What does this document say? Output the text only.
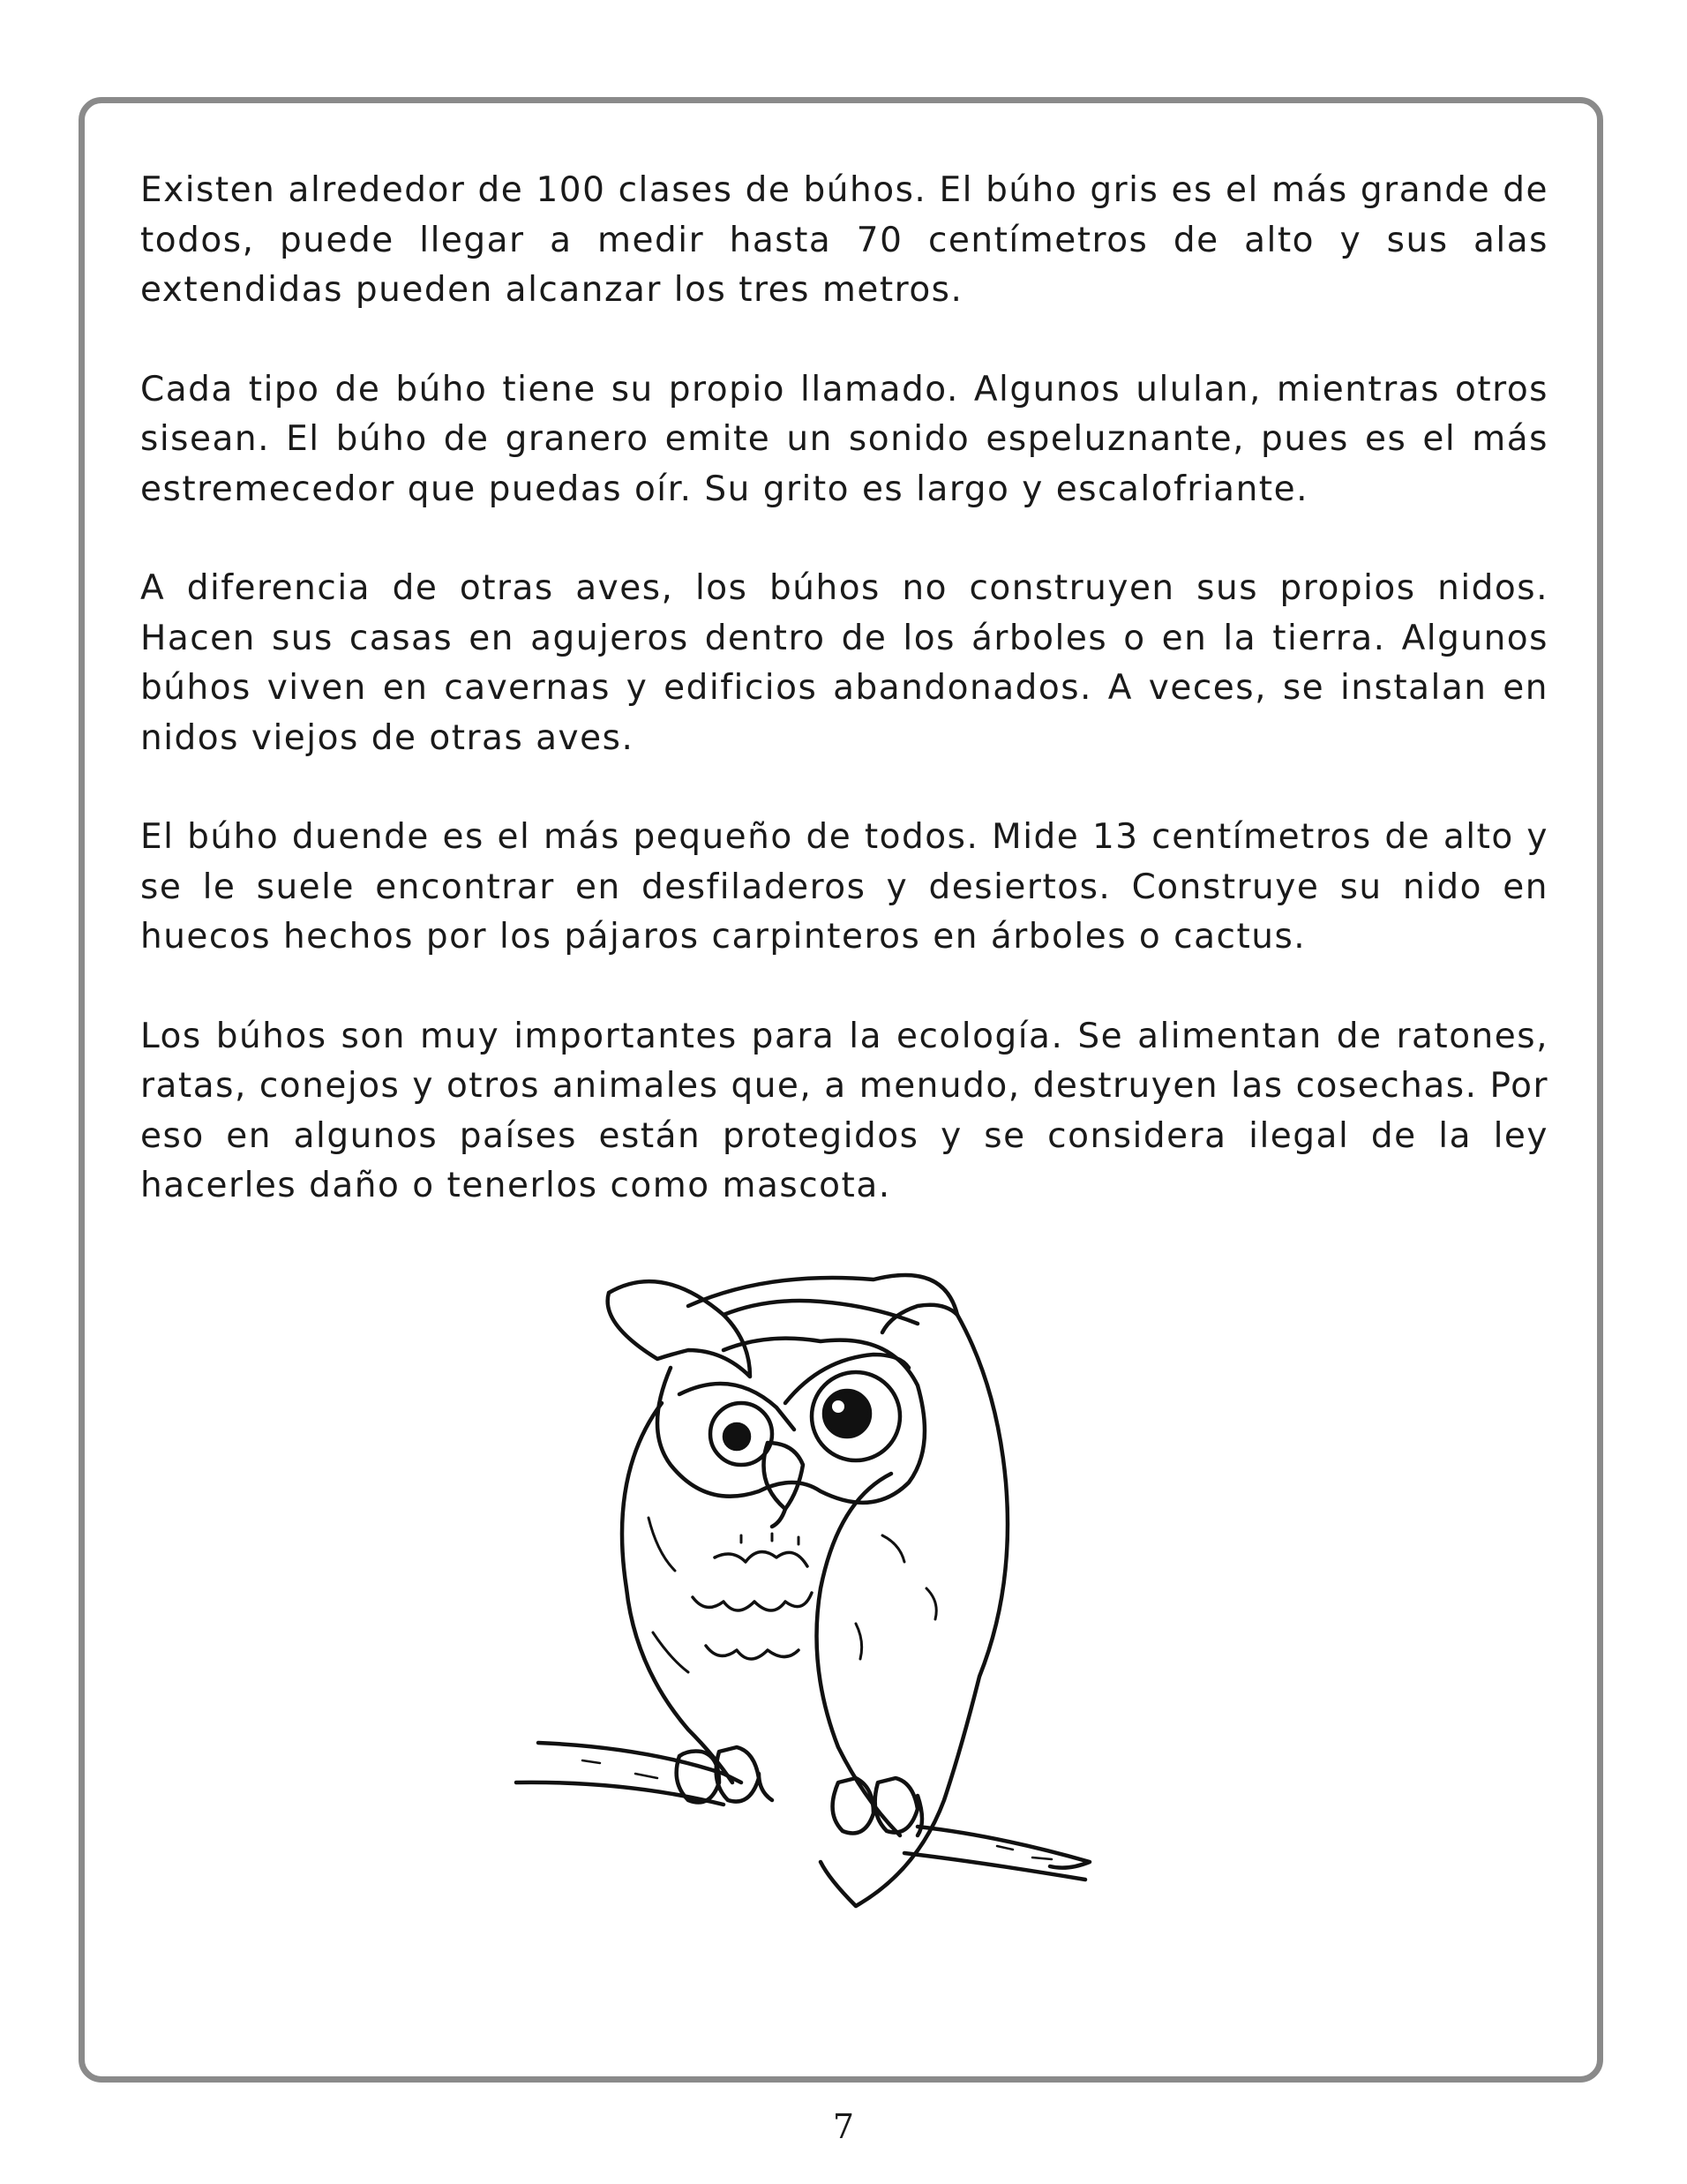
Existen alrededor de 100 clases de búhos. El búho gris es el más grande de todos, puede llegar a medir hasta 70 centímetros de alto y sus alas extendidas pueden alcanzar los tres metros.

Cada tipo de búho tiene su propio llamado. Algunos ululan, mientras otros sisean. El búho de granero emite un sonido espeluznante, pues es el más estremecedor que puedas oír. Su grito es largo y escalofriante.

A diferencia de otras aves, los búhos no construyen sus propios nidos. Hacen sus casas en agujeros dentro de los árboles o en la tierra. Algunos búhos viven en cavernas y edificios abandonados. A veces, se instalan en nidos viejos de otras aves.

El búho duende es el más pequeño de todos. Mide 13 centímetros de alto y se le suele encontrar en desfiladeros y desiertos. Construye su nido en huecos hechos por los pájaros carpinteros en árboles o cactus.

Los búhos son muy importantes para la ecología. Se alimentan de ratones, ratas, conejos y otros animales que, a menudo, destruyen las cosechas. Por eso en algunos países están protegidos y se considera ilegal de la ley hacerles daño o tenerlos como mascota.

7
